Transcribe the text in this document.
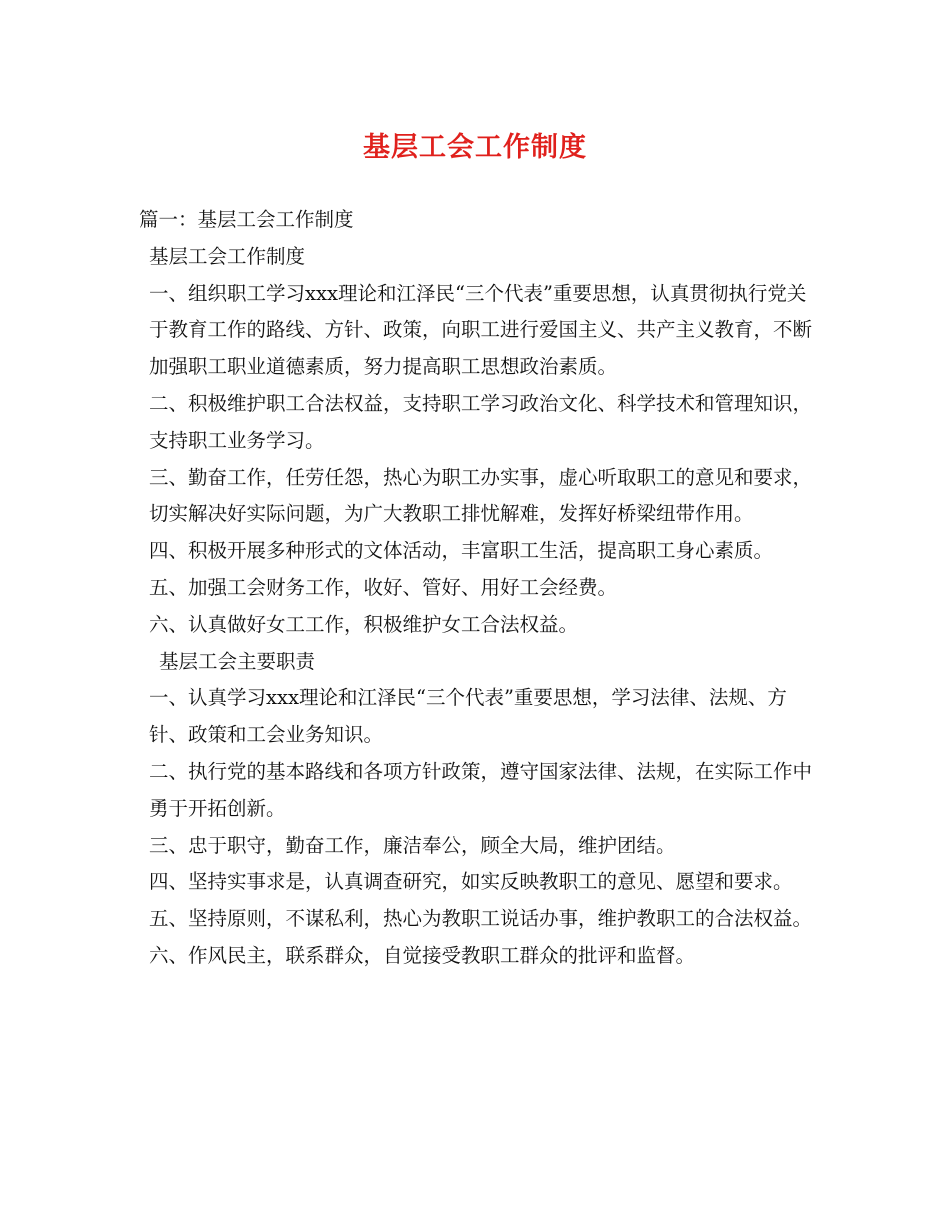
基层工会工作制度

篇一：基层工会工作制度

基层工会工作制度

一、组织职工学习xxx理论和江泽民“三个代表”重要思想，认真贯彻执行党关于教育工作的路线、方针、政策，向职工进行爱国主义、共产主义教育，不断加强职工职业道德素质，努力提高职工思想政治素质。

二、积极维护职工合法权益，支持职工学习政治文化、科学技术和管理知识，支持职工业务学习。

三、勤奋工作，任劳任怨，热心为职工办实事，虚心听取职工的意见和要求，切实解决好实际问题，为广大教职工排忧解难，发挥好桥梁纽带作用。

四、积极开展多种形式的文体活动，丰富职工生活，提高职工身心素质。

五、加强工会财务工作，收好、管好、用好工会经费。

六、认真做好女工工作，积极维护女工合法权益。

基层工会主要职责

一、认真学习xxx理论和江泽民“三个代表”重要思想，学习法律、法规、方针、政策和工会业务知识。

二、执行党的基本路线和各项方针政策，遵守国家法律、法规，在实际工作中勇于开拓创新。

三、忠于职守，勤奋工作，廉洁奉公，顾全大局，维护团结。

四、坚持实事求是，认真调查研究，如实反映教职工的意见、愿望和要求。

五、坚持原则，不谋私利，热心为教职工说话办事，维护教职工的合法权益。

六、作风民主，联系群众，自觉接受教职工群众的批评和监督。
